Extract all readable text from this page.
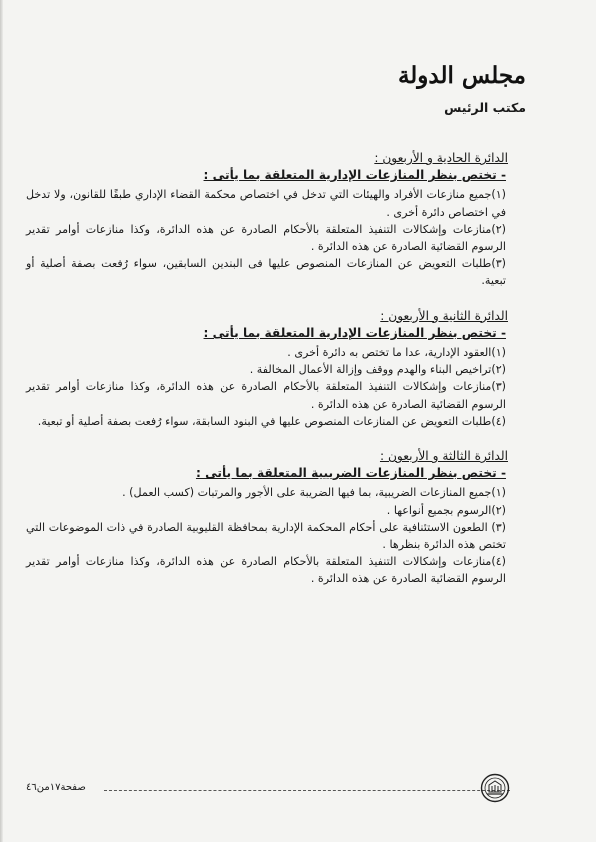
مجلس الدولة
مكتب الرئيس
الدائرة الحادية و الأربعون :
- تختص بنظر المنازعات الإدارية المتعلقة بما يأتى :
(١)جميع منازعات الأفراد والهيئات التي تدخل في اختصاص محكمة القضاء الإداري طبقًا للقانون، ولا تدخل في اختصاص دائرة أخرى .
(٢)منازعات وإشكالات التنفيذ المتعلقة بالأحكام الصادرة عن هذه الدائرة، وكذا منازعات أوامر تقدير الرسوم القضائية الصادرة عن هذه الدائرة .
(٣)طلبات التعويض عن المنازعات المنصوص عليها فى البندين السابقين، سواء رُفعت بصفة أصلية أو تبعية.
الدائرة الثانية و الأربعون :
- تختص بنظر المنازعات الإدارية المتعلقة بما يأتى :
(١)العقود الإدارية، عدا ما تختص به دائرة أخرى .
(٢)تراخيص البناء والهدم ووقف وإزالة الأعمال المخالفة .
(٣)منازعات وإشكالات التنفيذ المتعلقة بالأحكام الصادرة عن هذه الدائرة، وكذا منازعات أوامر تقدير الرسوم القضائية الصادرة عن هذه الدائرة .
(٤)طلبات التعويض عن المنازعات المنصوص عليها في البنود السابقة، سواء رُفعت بصفة أصلية أو تبعية.
الدائرة الثالثة و الأربعون :
- تختص بنظر المنازعات الضريبية المتعلقة بما يأتى :
(١)جميع المنازعات الضريبية، بما فيها الضريبة على الأجور والمرتبات (كسب العمل) .
(٢)الرسوم بجميع أنواعها .
(٣) الطعون الاستئنافية على أحكام المحكمة الإدارية بمحافظة القليوبية الصادرة في ذات الموضوعات التي تختص هذه الدائرة بنظرها .
(٤)منازعات وإشكالات التنفيذ المتعلقة بالأحكام الصادرة عن هذه الدائرة، وكذا منازعات أوامر تقدير الرسوم القضائية الصادرة عن هذه الدائرة .
صفحة١٧من٤٦
